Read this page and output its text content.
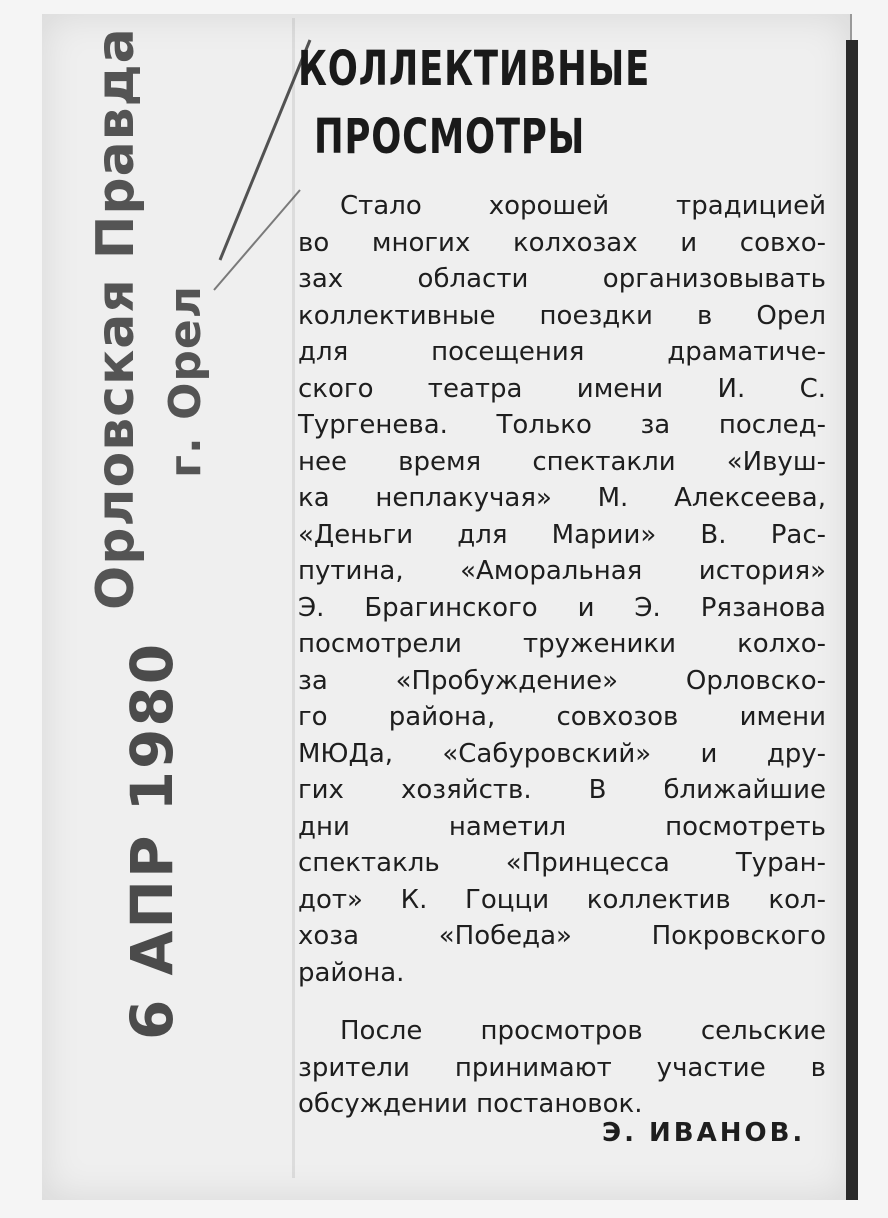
Орловская Правда г. Орел
6 АПР 1980
КОЛЛЕКТИВНЫЕ
ПРОСМОТРЫ
Стало хорошей традицией
во многих колхозах и совхо-
зах области организовывать
коллективные поездки в Орел
для посещения драматиче-
ского театра имени И. С.
Тургенева. Только за послед-
нее время спектакли «Ивуш-
ка неплакучая» М. Алексеева,
«Деньги для Марии» В. Рас-
путина, «Аморальная история»
Э. Брагинского и Э. Рязанова
посмотрели труженики колхо-
за «Пробуждение» Орловско-
го района, совхозов имени
МЮДа, «Сабуровский» и дру-
гих хозяйств. В ближайшие
дни наметил посмотреть
спектакль «Принцесса Туран-
дот» К. Гоцци коллектив кол-
хоза «Победа» Покровского
района.
После просмотров сельские
зрители принимают участие в
обсуждении постановок.
Э. ИВАНОВ.
